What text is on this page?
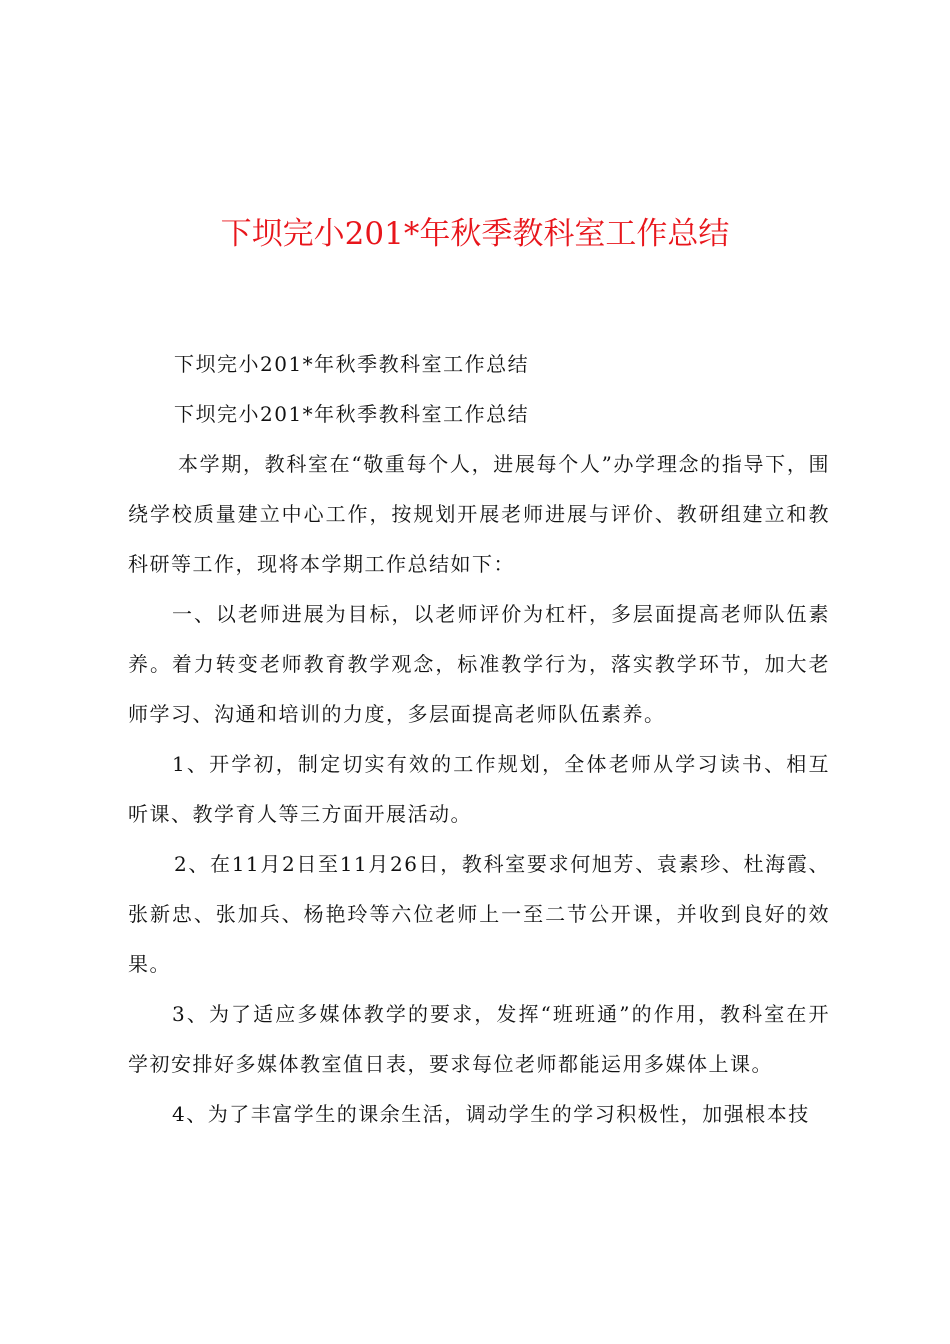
下坝完小201*年秋季教科室工作总结

下坝完小201*年秋季教科室工作总结

下坝完小201*年秋季教科室工作总结

本学期，教科室在“敬重每个人，进展每个人”办学理念的指导下，围绕学校质量建立中心工作，按规划开展老师进展与评价、教研组建立和教科研等工作，现将本学期工作总结如下：

一、以老师进展为目标，以老师评价为杠杆，多层面提高老师队伍素养。着力转变老师教育教学观念，标准教学行为，落实教学环节，加大老师学习、沟通和培训的力度，多层面提高老师队伍素养。

1、开学初，制定切实有效的工作规划，全体老师从学习读书、相互听课、教学育人等三方面开展活动。

2、在11月2日至11月26日，教科室要求何旭芳、袁素珍、杜海霞、张新忠、张加兵、杨艳玲等六位老师上一至二节公开课，并收到良好的效果。

3、为了适应多媒体教学的要求，发挥“班班通”的作用，教科室在开学初安排好多媒体教室值日表，要求每位老师都能运用多媒体上课。

4、为了丰富学生的课余生活，调动学生的学习积极性，加强根本技
